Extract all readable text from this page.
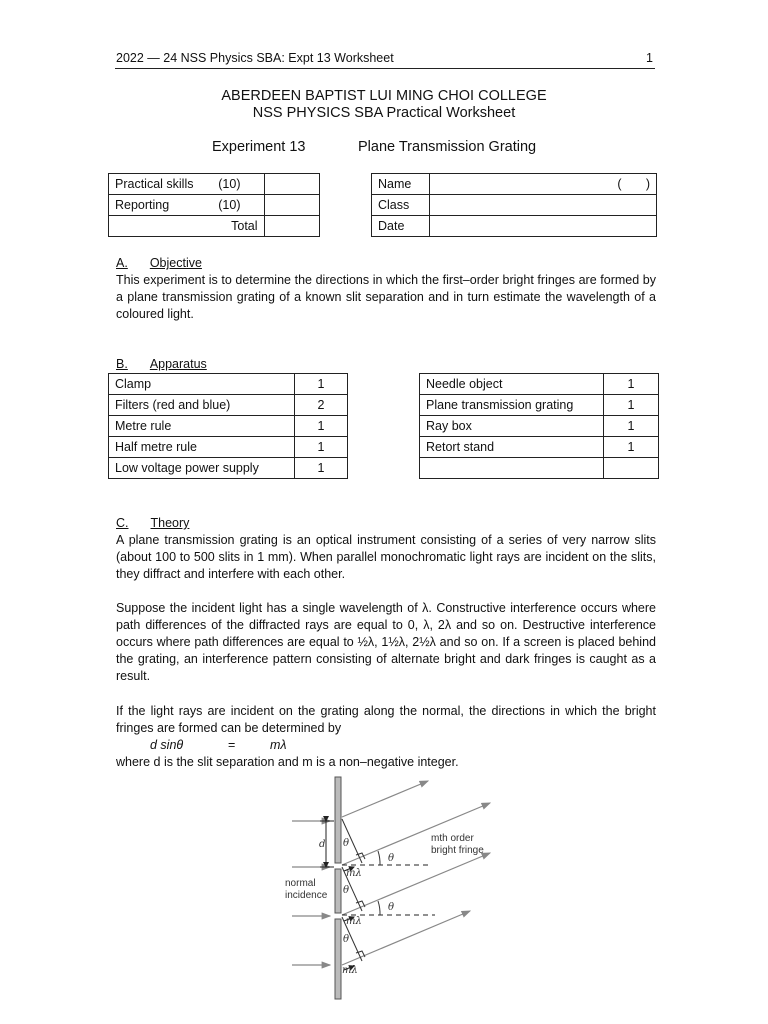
2022 — 24 NSS Physics SBA: Expt 13 Worksheet	1
ABERDEEN BAPTIST LUI MING CHOI COLLEGE
NSS PHYSICS SBA Practical Worksheet
Experiment 13	Plane Transmission Grating
Practical skills	(10)	
Reporting	(10)	
Total		
Name	(       )
Class	
Date	
A. Objective

This experiment is to determine the directions in which the first–order bright fringes are formed by a plane transmission grating of a known slit separation and in turn estimate the wavelength of a coloured light.

B. Apparatus
Clamp	1
Filters (red and blue)	2
Metre rule	1
Half metre rule	1
Low voltage power supply	1
Needle object	1
Plane transmission grating	1
Ray box	1
Retort stand	1

C. Theory

A plane transmission grating is an optical instrument consisting of a series of very narrow slits (about 100 to 500 slits in 1 mm). When parallel monochromatic light rays are incident on the slits, they diffract and interfere with each other.

Suppose the incident light has a single wavelength of λ. Constructive interference occurs where path differences of the diffracted rays are equal to 0, λ, 2λ and so on. Destructive interference occurs where path differences are equal to ½λ, 1½λ, 2½λ and so on. If a screen is placed behind the grating, an interference pattern consisting of alternate bright and dark fringes is caught as a result.

If the light rays are incident on the grating along the normal, the directions in which the bright fringes are formed can be determined by

d sinθ	=	mλ

where d is the slit separation and m is a non–negative integer.

d θ
θ
θ
θ
θ
mλ
mλ
mλ
mth order
bright fringe
normal
incidence
